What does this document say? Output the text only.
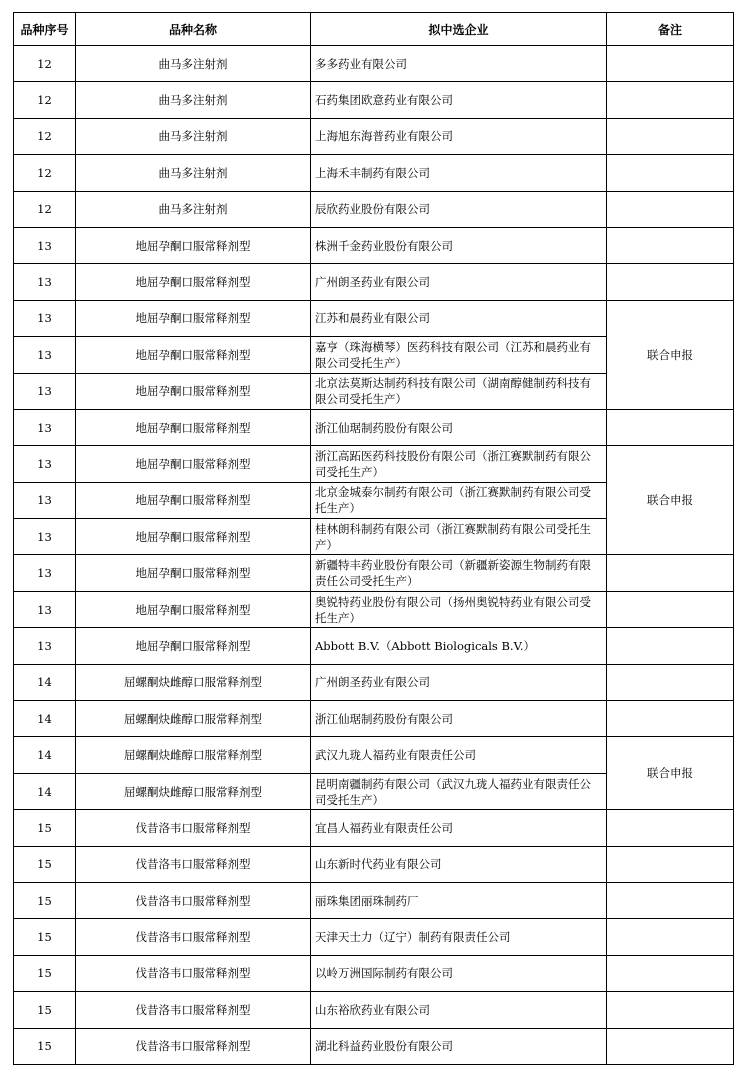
品种序号	品种名称	拟中选企业	备注
12	曲马多注射剂	多多药业有限公司	
12	曲马多注射剂	石药集团欧意药业有限公司	
12	曲马多注射剂	上海旭东海普药业有限公司	
12	曲马多注射剂	上海禾丰制药有限公司	
12	曲马多注射剂	辰欣药业股份有限公司	
13	地屈孕酮口服常释剂型	株洲千金药业股份有限公司	
13	地屈孕酮口服常释剂型	广州朗圣药业有限公司	
13	地屈孕酮口服常释剂型	江苏和晨药业有限公司	联合申报
13	地屈孕酮口服常释剂型	嘉亨（珠海横琴）医药科技有限公司（江苏和晨药业有限公司受托生产）	
13	地屈孕酮口服常释剂型	北京法莫斯达制药科技有限公司（湖南醇健制药科技有限公司受托生产）	
13	地屈孕酮口服常释剂型	浙江仙琚制药股份有限公司	
13	地屈孕酮口服常释剂型	浙江高跖医药科技股份有限公司（浙江赛默制药有限公司受托生产）	联合申报
13	地屈孕酮口服常释剂型	北京金城泰尔制药有限公司（浙江赛默制药有限公司受托生产）	
13	地屈孕酮口服常释剂型	桂林朗科制药有限公司（浙江赛默制药有限公司受托生产）	
13	地屈孕酮口服常释剂型	新疆特丰药业股份有限公司（新疆新姿源生物制药有限责任公司受托生产）	
13	地屈孕酮口服常释剂型	奥锐特药业股份有限公司（扬州奥锐特药业有限公司受托生产）	
13	地屈孕酮口服常释剂型	Abbott B.V.（Abbott Biologicals B.V.）	
14	屈螺酮炔雌醇口服常释剂型	广州朗圣药业有限公司	
14	屈螺酮炔雌醇口服常释剂型	浙江仙琚制药股份有限公司	
14	屈螺酮炔雌醇口服常释剂型	武汉九珑人福药业有限责任公司	联合申报
14	屈螺酮炔雌醇口服常释剂型	昆明南疆制药有限公司（武汉九珑人福药业有限责任公司受托生产）	
15	伐昔洛韦口服常释剂型	宜昌人福药业有限责任公司	
15	伐昔洛韦口服常释剂型	山东新时代药业有限公司	
15	伐昔洛韦口服常释剂型	丽珠集团丽珠制药厂	
15	伐昔洛韦口服常释剂型	天津天士力（辽宁）制药有限责任公司	
15	伐昔洛韦口服常释剂型	以岭万洲国际制药有限公司	
15	伐昔洛韦口服常释剂型	山东裕欣药业有限公司	
15	伐昔洛韦口服常释剂型	湖北科益药业股份有限公司	
